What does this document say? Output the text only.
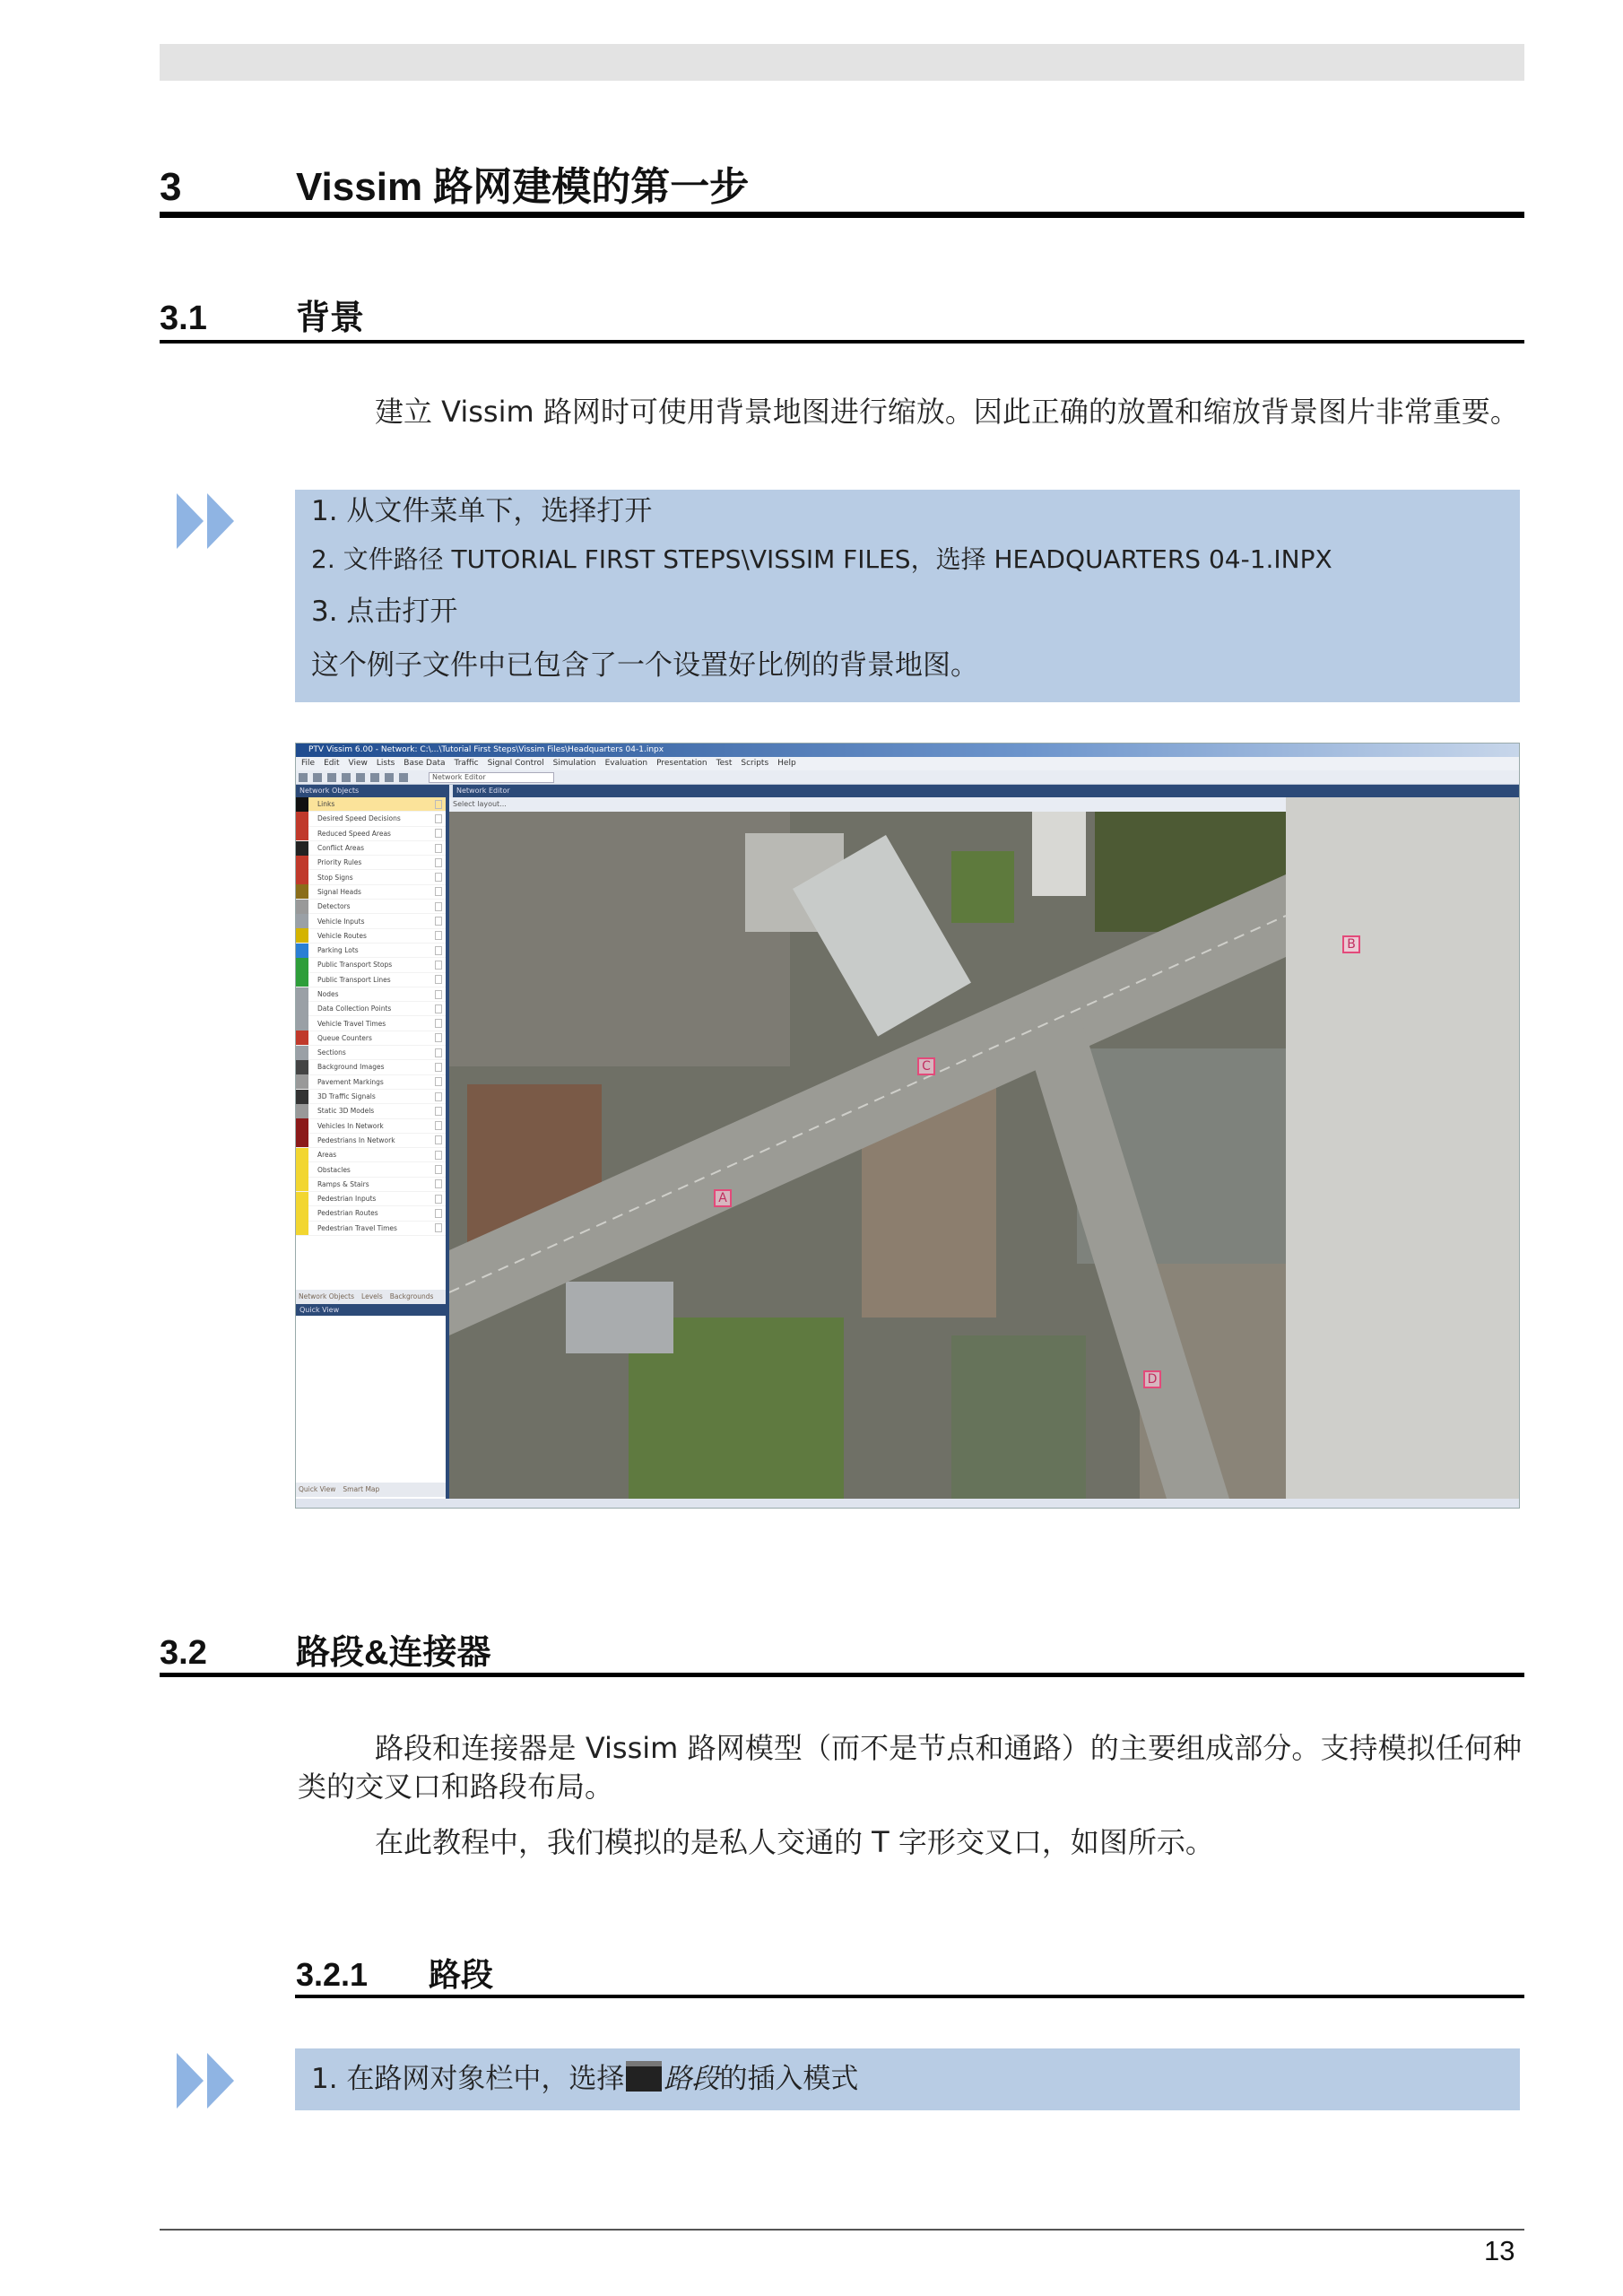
3	Vissim 路网建模的第一步
3.1	背景
建立 Vissim 路网时可使用背景地图进行缩放。因此正确的放置和缩放背景图片非常重要。
1. 从文件菜单下，选择打开
2. 文件路径 TUTORIAL FIRST STEPS\VISSIM FILES，选择 HEADQUARTERS 04-1.INPX
3. 点击打开
这个例子文件中已包含了一个设置好比例的背景地图。
PTV Vissim 6.00 - Network: C:\...\Tutorial First Steps\Vissim Files\Headquarters 04-1.inpx
File Edit View Lists Base Data Traffic Signal Control Simulation Evaluation Presentation Test Scripts Help
Network Editor
Network Objects	Network Editor
Links
Desired Speed Decisions
Reduced Speed Areas
Conflict Areas
Priority Rules
Stop Signs
Signal Heads
Detectors
Vehicle Inputs
Vehicle Routes
Parking Lots
Public Transport Stops
Public Transport Lines
Nodes
Data Collection Points
Vehicle Travel Times
Queue Counters
Sections
Background Images
Pavement Markings
3D Traffic Signals
Static 3D Models
Vehicles In Network
Pedestrians In Network
Areas
Obstacles
Ramps & Stairs
Pedestrian Inputs
Pedestrian Routes
Pedestrian Travel Times
Network Objects Levels Backgrounds
Quick View
Quick View Smart Map
Select layout...
A
B
C
D
3.2	路段&连接器
路段和连接器是 Vissim 路网模型（而不是节点和通路）的主要组成部分。支持模拟任何种类的交叉口和路段布局。
在此教程中，我们模拟的是私人交通的 T 字形交叉口，如图所示。
3.2.1 路段
1. 在路网对象栏中，选择 路段的插入模式
13
